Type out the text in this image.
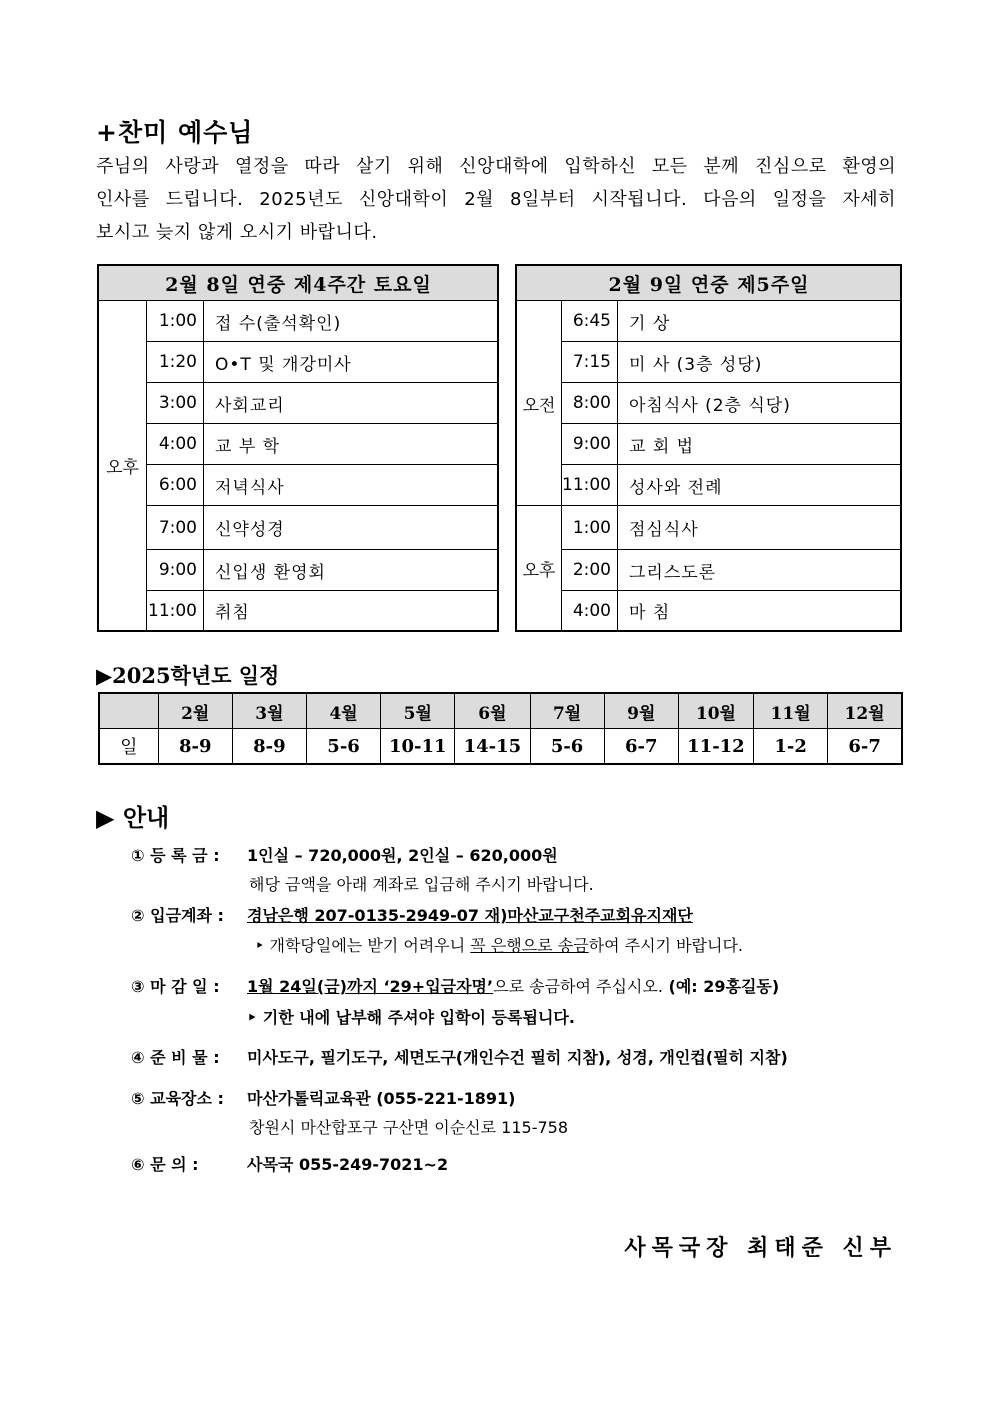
+찬미 예수님
주님의 사랑과 열정을 따라 살기 위해 신앙대학에 입학하신 모든 분께 진심으로 환영의
인사를 드립니다. 2025년도 신앙대학이 2월 8일부터 시작됩니다. 다음의 일정을 자세히
보시고 늦지 않게 오시기 바랍니다.
2월 8일 연중 제4주간 토요일		
오후	1:00	접 수(출석확인)
	1:20	O•T 및 개강미사
	3:00	사회교리
	4:00	교 부 학
	6:00	저녁식사
	7:00	신약성경
	9:00	신입생 환영회
	11:00	취침
2월 9일 연중 제5주일		
오전	6:45	기 상
	7:15	미 사 (3층 성당)
	8:00	아침식사 (2층 식당)
	9:00	교 회 법
	11:00	성사와 전례
오후	1:00	점심식사
	2:00	그리스도론
	4:00	마 침
▶2025학년도 일정
	2월	3월	4월	5월	6월	7월	9월	10월	11월	12월
일	8-9	8-9	5-6	10-11	14-15	5-6	6-7	11-12	1-2	6-7
▶ 안내
① 등 록 금 : 1인실 – 720,000원, 2인실 – 620,000원
해당 금액을 아래 계좌로 입금해 주시기 바랍니다.
② 입금계좌 : 경남은행 207-0135-2949-07 재)마산교구천주교회유지재단
‣ 개학당일에는 받기 어려우니 꼭 은행으로 송금하여 주시기 바랍니다.
③ 마 감 일 : 1월 24일(금)까지 ‘29+입금자명’으로 송금하여 주십시오. (예: 29홍길동)
‣ 기한 내에 납부해 주셔야 입학이 등록됩니다.
④ 준 비 물 : 미사도구, 필기도구, 세면도구(개인수건 필히 지참), 성경, 개인컵(필히 지참)
⑤ 교육장소 : 마산가톨릭교육관 (055-221-1891)
창원시 마산합포구 구산면 이순신로 115-758
⑥ 문 의 :	사목국 055-249-7021~2
사목국장 최태준 신부
